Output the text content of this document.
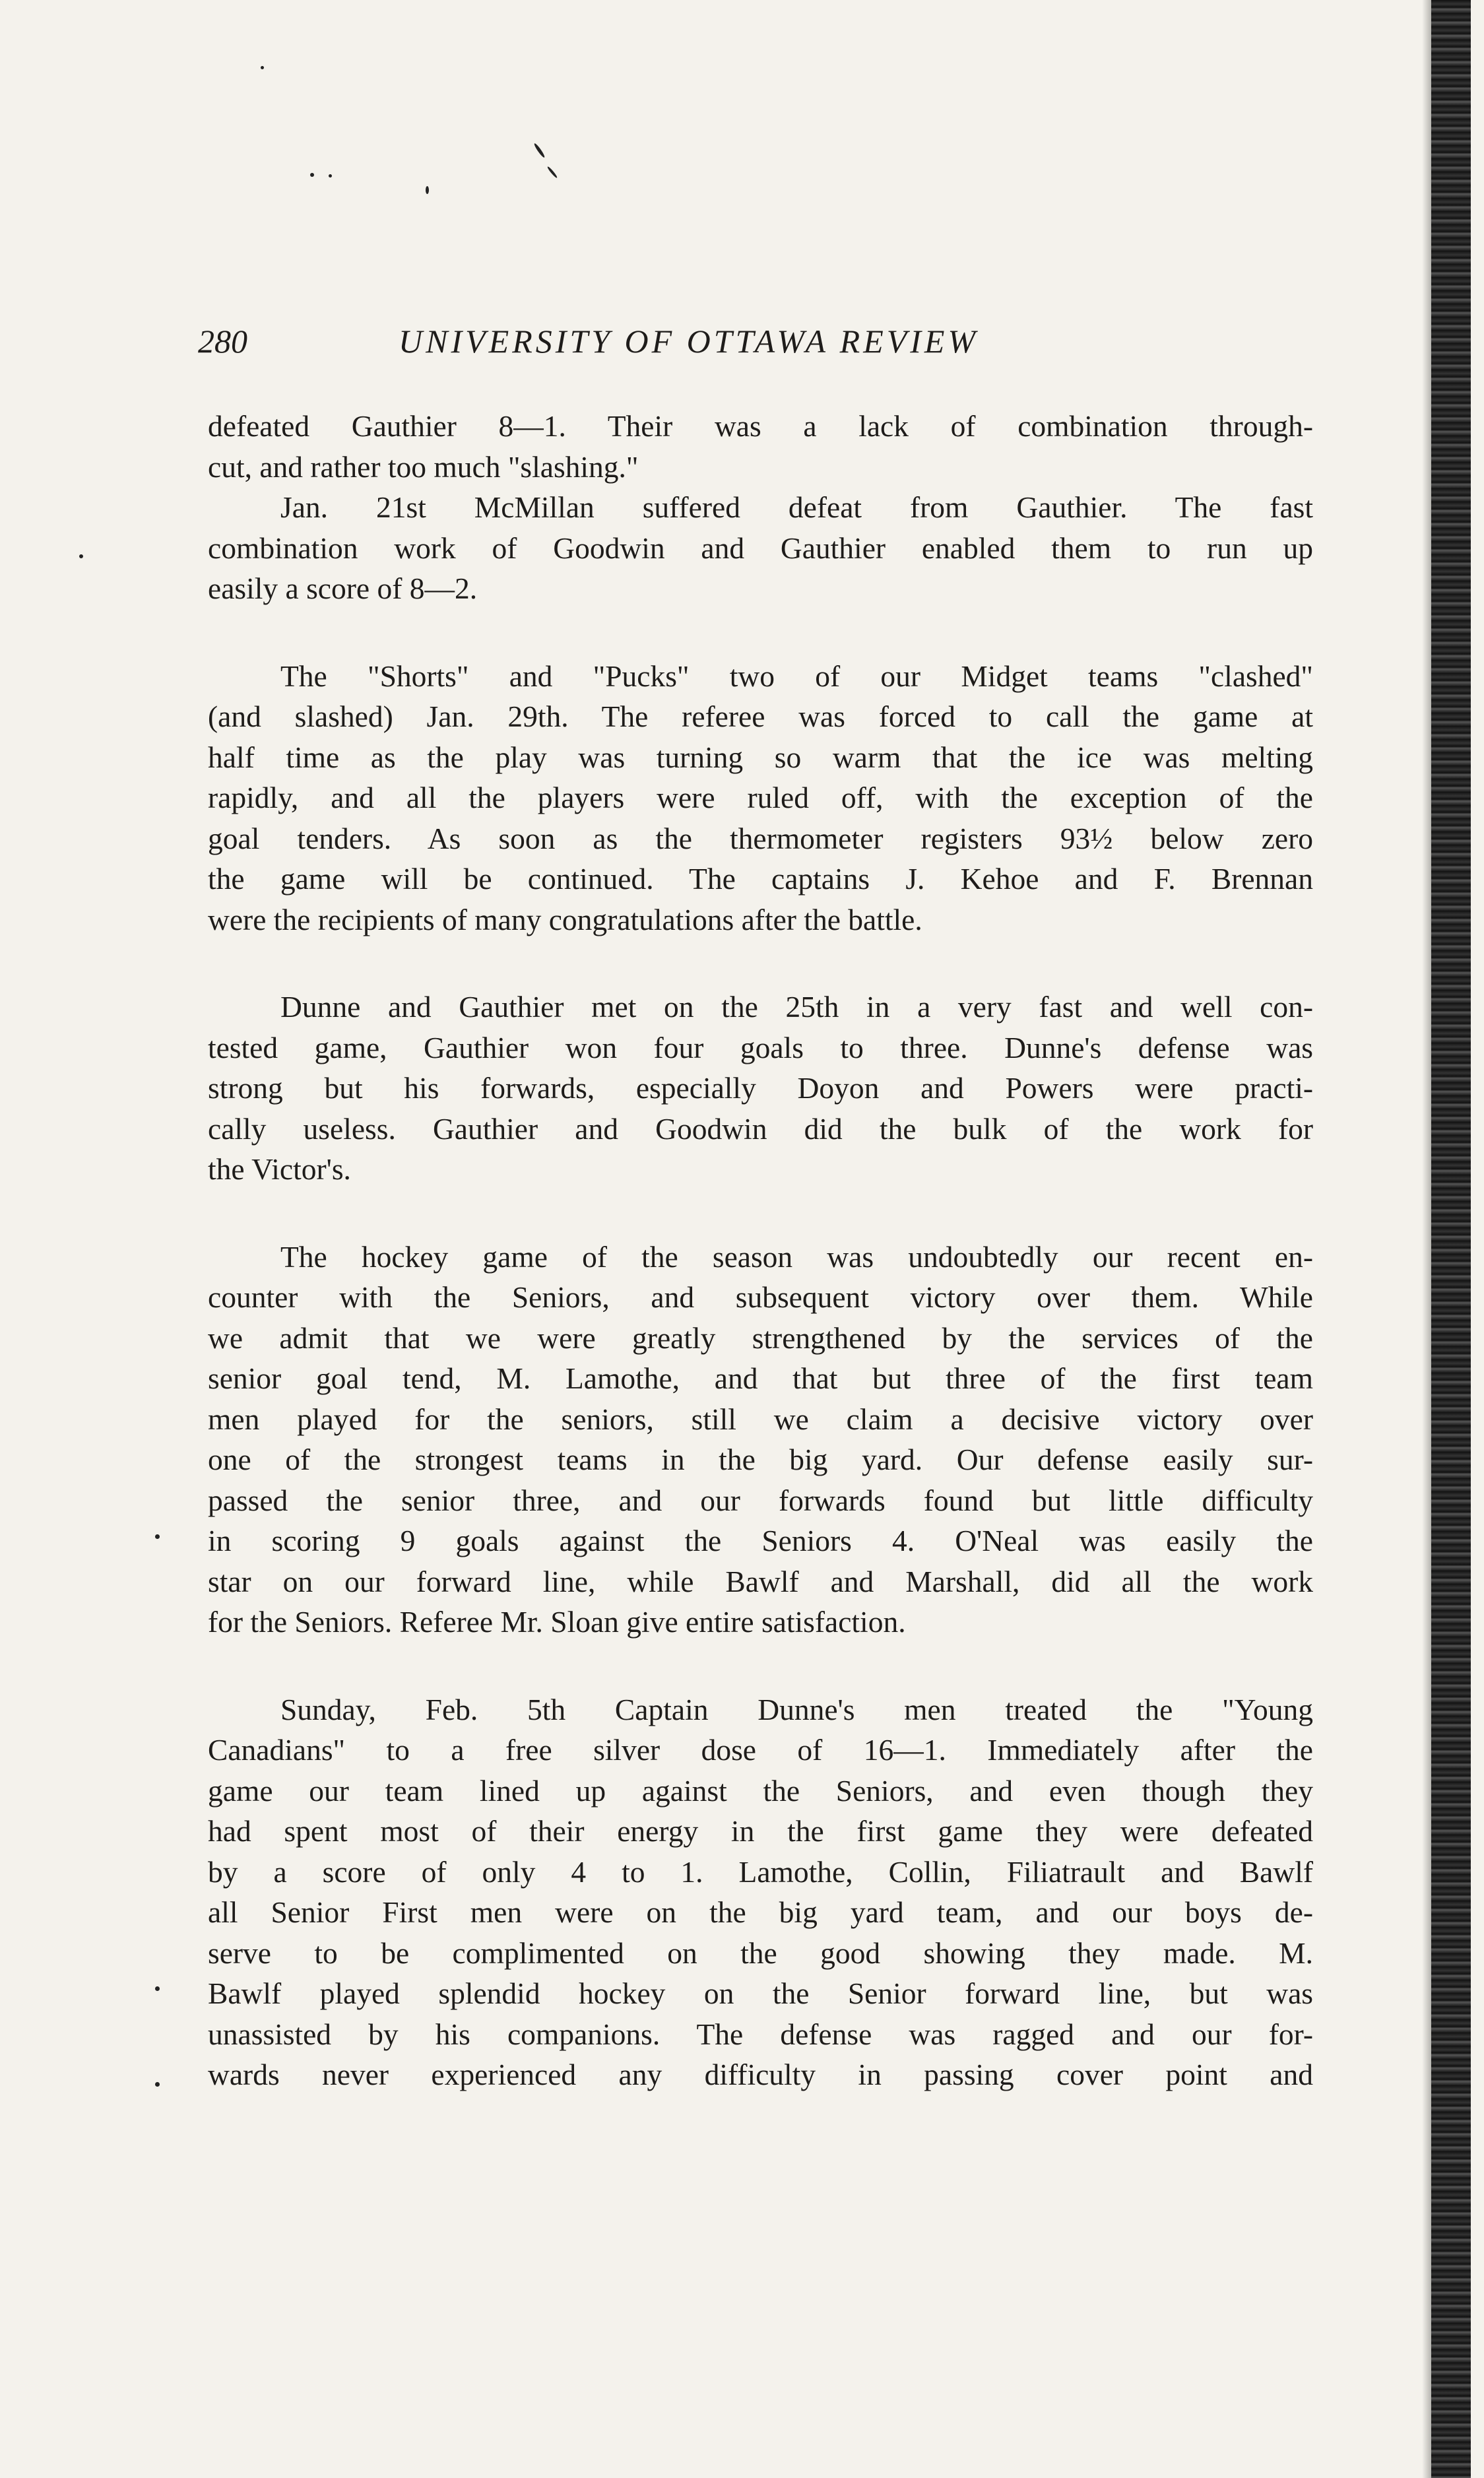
280	UNIVERSITY OF OTTAWA REVIEW
defeated Gauthier 8—1. Their was a lack of combination through-
cut, and rather too much "slashing."
Jan. 21st McMillan suffered defeat from Gauthier. The fast
combination work of Goodwin and Gauthier enabled them to run up
easily a score of 8—2.
The "Shorts" and "Pucks" two of our Midget teams "clashed"
(and slashed) Jan. 29th. The referee was forced to call the game at
half time as the play was turning so warm that the ice was melting
rapidly, and all the players were ruled off, with the exception of the
goal tenders. As soon as the thermometer registers 93½ below zero
the game will be continued. The captains J. Kehoe and F. Brennan
were the recipients of many congratulations after the battle.
Dunne and Gauthier met on the 25th in a very fast and well con-
tested game, Gauthier won four goals to three. Dunne's defense was
strong but his forwards, especially Doyon and Powers were practi-
cally useless. Gauthier and Goodwin did the bulk of the work for
the Victor's.
The hockey game of the season was undoubtedly our recent en-
counter with the Seniors, and subsequent victory over them. While
we admit that we were greatly strengthened by the services of the
senior goal tend, M. Lamothe, and that but three of the first team
men played for the seniors, still we claim a decisive victory over
one of the strongest teams in the big yard. Our defense easily sur-
passed the senior three, and our forwards found but little difficulty
in scoring 9 goals against the Seniors 4. O'Neal was easily the
star on our forward line, while Bawlf and Marshall, did all the work
for the Seniors. Referee Mr. Sloan give entire satisfaction.
Sunday, Feb. 5th Captain Dunne's men treated the "Young
Canadians" to a free silver dose of 16—1. Immediately after the
game our team lined up against the Seniors, and even though they
had spent most of their energy in the first game they were defeated
by a score of only 4 to 1. Lamothe, Collin, Filiatrault and Bawlf
all Senior First men were on the big yard team, and our boys de-
serve to be complimented on the good showing they made. M.
Bawlf played splendid hockey on the Senior forward line, but was
unassisted by his companions. The defense was ragged and our for-
wards never experienced any difficulty in passing cover point and
